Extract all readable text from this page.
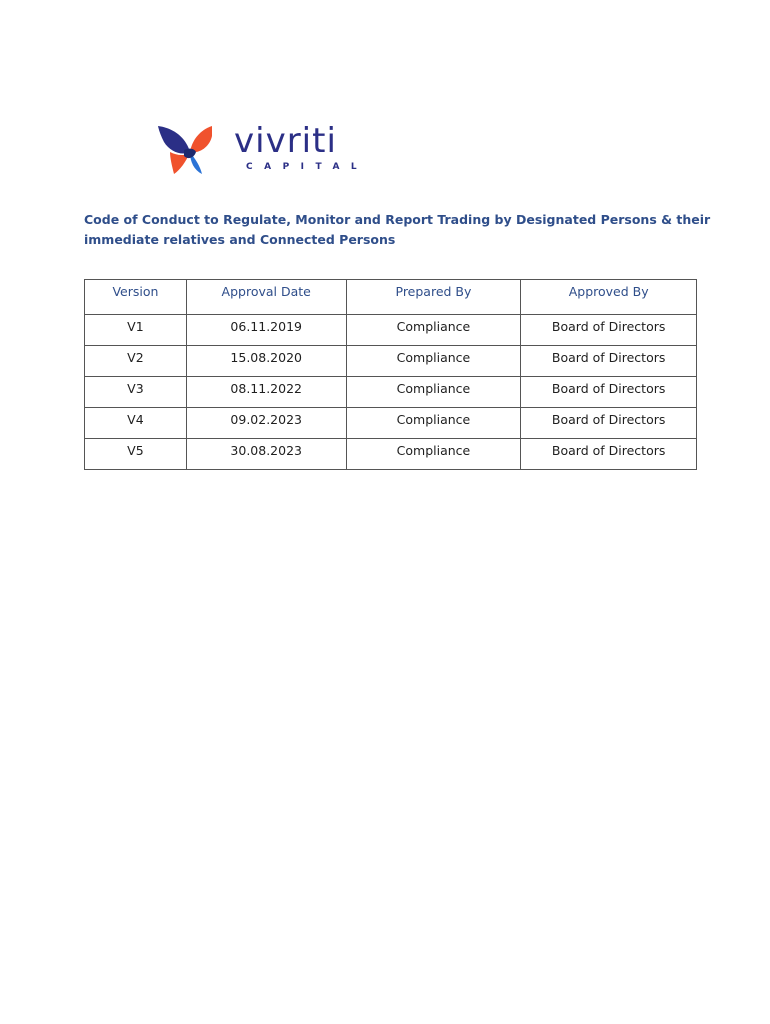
vivriti
CAPITAL
Code of Conduct to Regulate, Monitor and Report Trading by Designated Persons & their immediate relatives and Connected Persons
Version	Approval Date	Prepared By	Approved By
V1	06.11.2019	Compliance	Board of Directors
V2	15.08.2020	Compliance	Board of Directors
V3	08.11.2022	Compliance	Board of Directors
V4	09.02.2023	Compliance	Board of Directors
V5	30.08.2023	Compliance	Board of Directors
